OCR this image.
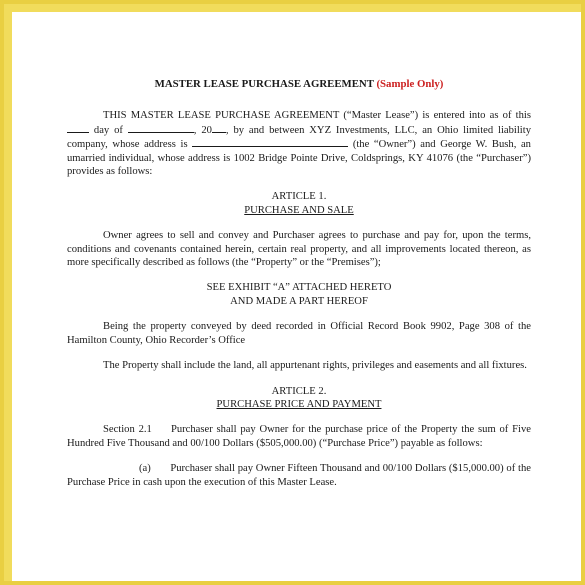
MASTER LEASE PURCHASE AGREEMENT (Sample Only)

THIS MASTER LEASE PURCHASE AGREEMENT (“Master Lease”) is entered into as of this  day of	, 20 , by and between XYZ Investments, LLC, an Ohio limited liability company, whose address is	(the “Owner”) and George W. Bush, an umarried individual, whose address is 1002 Bridge Pointe Drive, Coldsprings, KY 41076 (the “Purchaser”) provides as follows:

ARTICLE 1.
PURCHASE AND SALE

Owner agrees to sell and convey and Purchaser agrees to purchase and pay for, upon the terms, conditions and covenants contained herein, certain real property, and all improvements located thereon, as more specifically described as follows (the “Property” or the “Premises”);

SEE EXHIBIT “A” ATTACHED HERETO
AND MADE A PART HEREOF

Being the property conveyed by deed recorded in Official Record Book 9902, Page 308 of the Hamilton County, Ohio Recorder’s Office

The Property shall include the land, all appurtenant rights, privileges and easements and all fixtures.

ARTICLE 2.
PURCHASE PRICE AND PAYMENT

Section 2.1 Purchaser shall pay Owner for the purchase price of the Property the sum of Five Hundred Five Thousand and 00/100 Dollars ($505,000.00) (“Purchase Price”) payable as follows:

(a) Purchaser shall pay Owner Fifteen Thousand and 00/100 Dollars ($15,000.00) of the Purchase Price in cash upon the execution of this Master Lease.
